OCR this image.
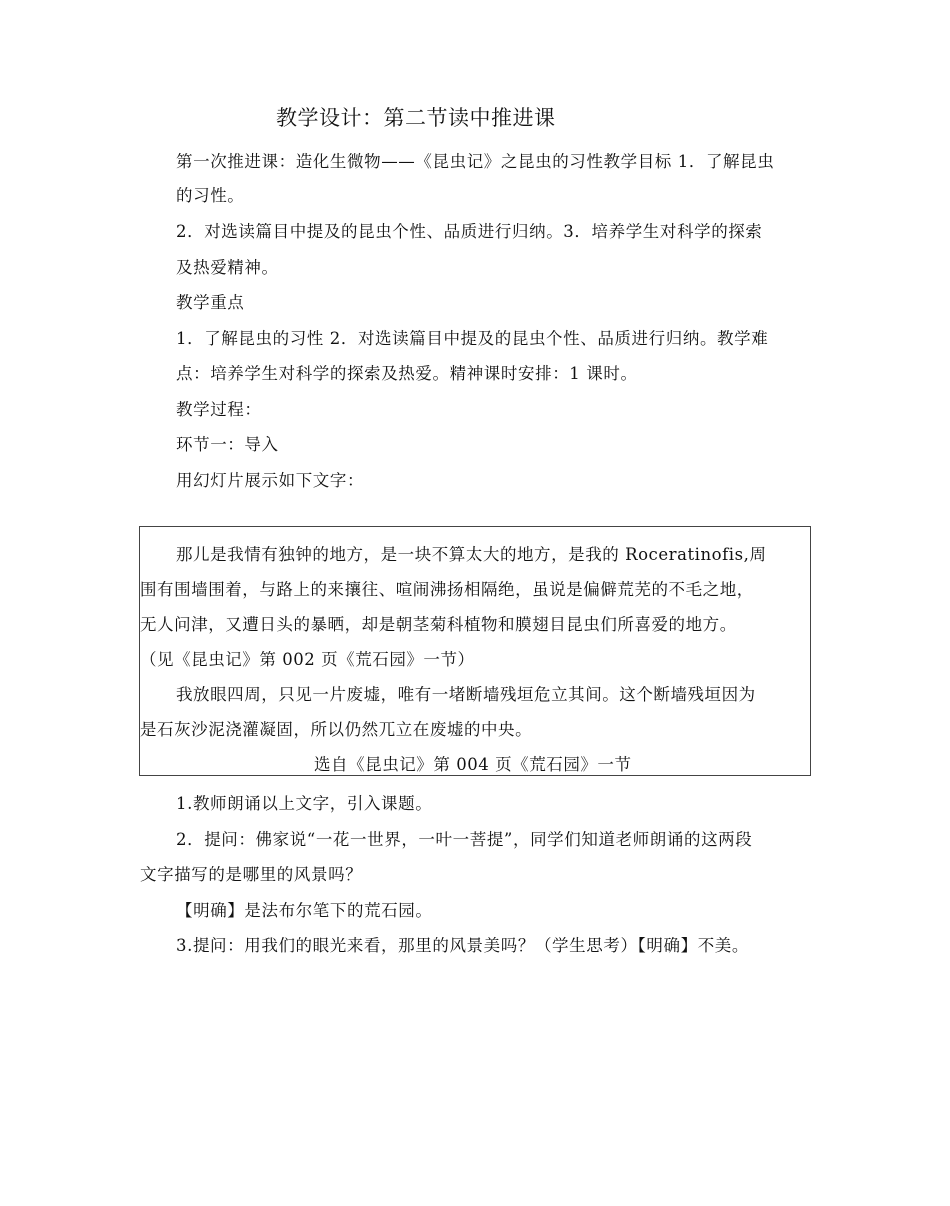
教学设计：第二节读中推进课
第一次推进课：造化生微物——《昆虫记》之昆虫的习性教学目标 1．了解昆虫
的习性。
2．对选读篇目中提及的昆虫个性、品质进行归纳。3．培养学生对科学的探索
及热爱精神。
教学重点
1．了解昆虫的习性 2．对选读篇目中提及的昆虫个性、品质进行归纳。教学难
点：培养学生对科学的探索及热爱。精神课时安排：1 课时。
教学过程：
环节一：导入
用幻灯片展示如下文字：
那儿是我情有独钟的地方，是一块不算太大的地方，是我的 Roceratinofis,周
围有围墙围着，与路上的来攘往、喧闹沸扬相隔绝，虽说是偏僻荒芜的不毛之地，
无人问津，又遭日头的暴晒，却是朝茎菊科植物和膜翅目昆虫们所喜爱的地方。
（见《昆虫记》第 002 页《荒石园》一节）
我放眼四周，只见一片废墟，唯有一堵断墙残垣危立其间。这个断墙残垣因为
是石灰沙泥浇灌凝固，所以仍然兀立在废墟的中央。
选自《昆虫记》第 004 页《荒石园》一节
1.教师朗诵以上文字，引入课题。
2．提问：佛家说“一花一世界，一叶一菩提”，同学们知道老师朗诵的这两段
文字描写的是哪里的风景吗？
【明确】是法布尔笔下的荒石园。
3.提问：用我们的眼光来看，那里的风景美吗？（学生思考）【明确】不美。
